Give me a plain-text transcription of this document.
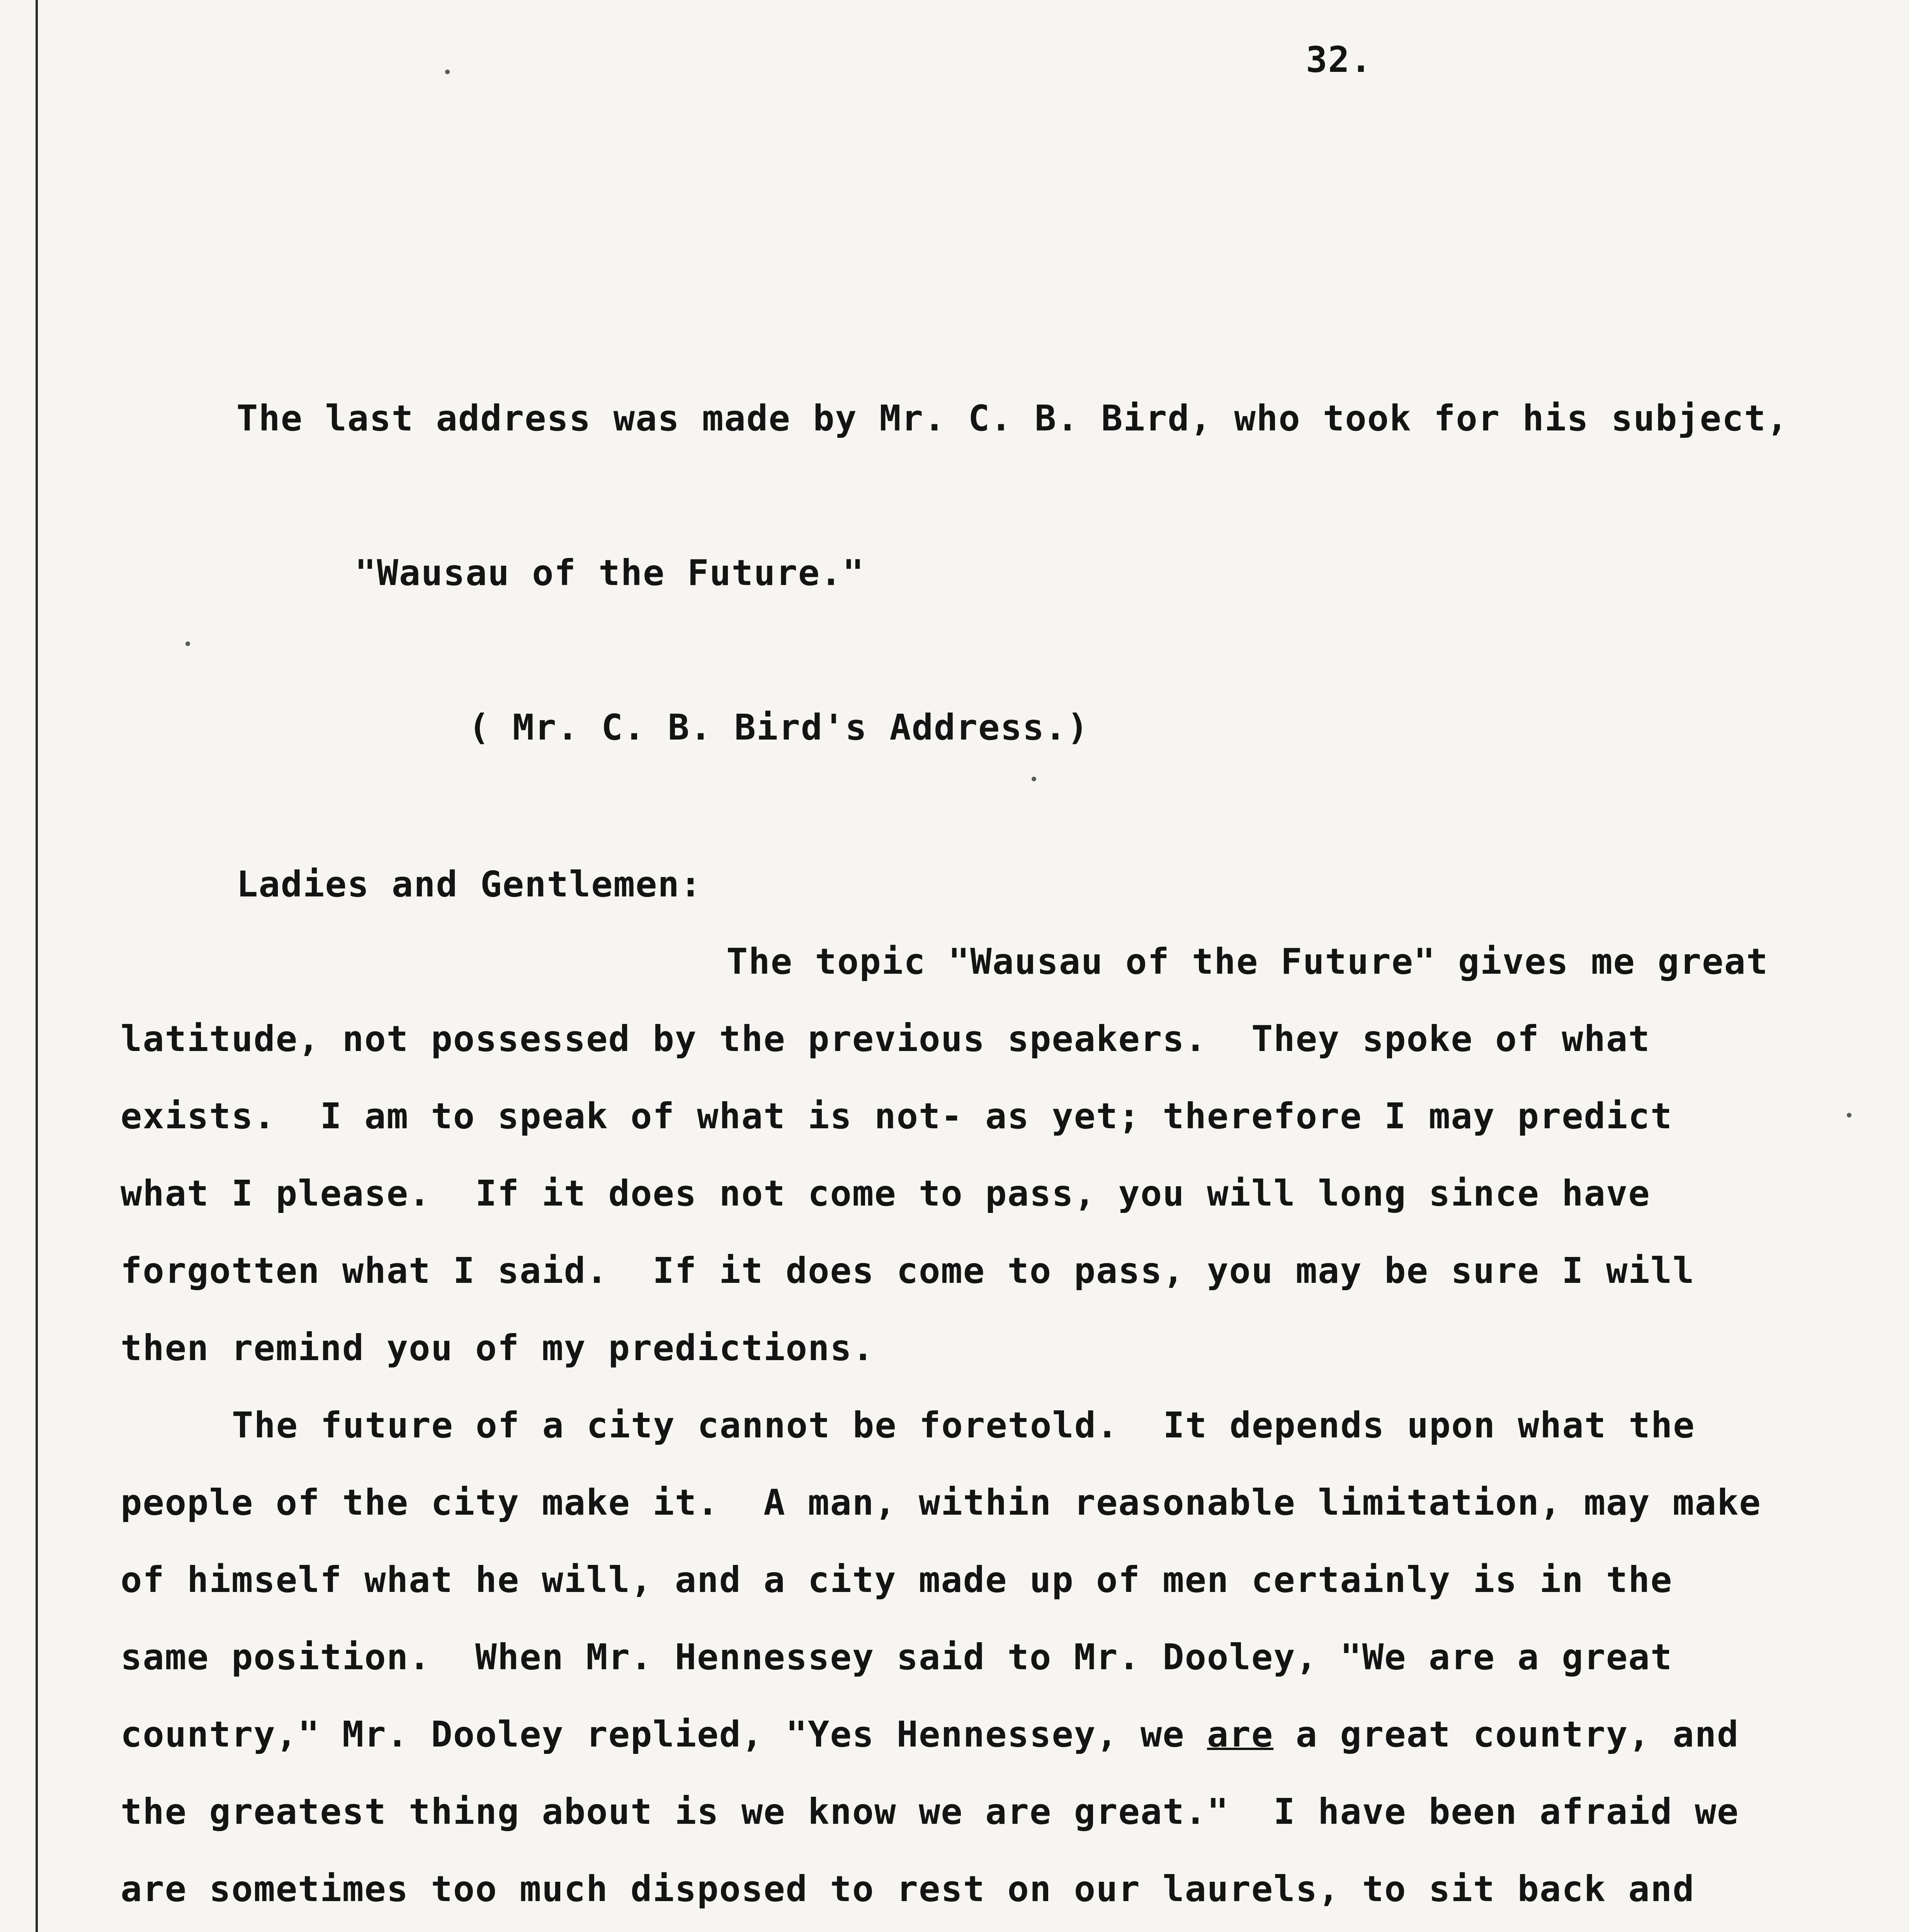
32.
The last address was made by Mr. C. B. Bird, who took for his subject,
"Wausau of the Future."
( Mr. C. B. Bird's Address.)
Ladies and Gentlemen:
The topic "Wausau of the Future" gives me great
latitude, not possessed by the previous speakers.  They spoke of what
exists.  I am to speak of what is not- as yet; therefore I may predict
what I please.  If it does not come to pass, you will long since have
forgotten what I said.  If it does come to pass, you may be sure I will
then remind you of my predictions.
The future of a city cannot be foretold.  It depends upon what the
people of the city make it.  A man, within reasonable limitation, may make
of himself what he will, and a city made up of men certainly is in the
same position.  When Mr. Hennessey said to Mr. Dooley, "We are a great
country," Mr. Dooley replied, "Yes Hennessey, we are a great country, and
the greatest thing about is we know we are great."  I have been afraid we
are sometimes too much disposed to rest on our laurels, to sit back and
